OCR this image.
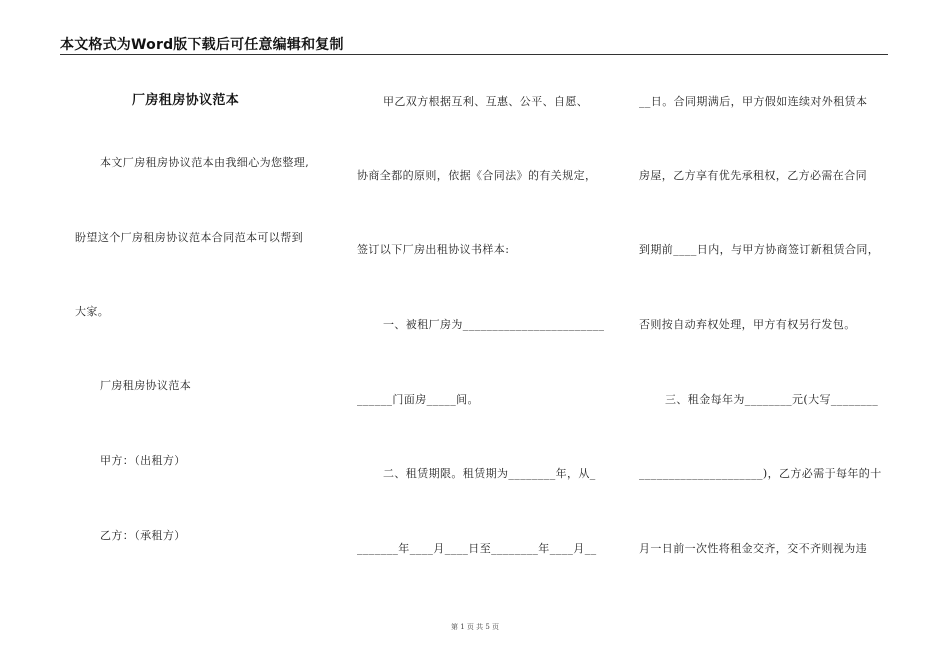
本文格式为Word版下载后可任意编辑和复制
厂房租房协议范本
本文厂房租房协议范本由我细心为您整理,
盼望这个厂房租房协议范本合同范本可以帮到
大家。
厂房租房协议范本
甲方：（出租方）
乙方：（承租方）
甲乙双方根据互利、互惠、公平、自愿、
协商全都的原则，依据《合同法》的有关规定，
签订以下厂房出租协议书样本:
一、被租厂房为________________________
______门面房_____间。
二、租赁期限。租赁期为________年，从_
_______年____月____日至________年____月__
__日。合同期满后，甲方假如连续对外租赁本
房屋，乙方享有优先承租权，乙方必需在合同
到期前____日内，与甲方协商签订新租赁合同，
否则按自动弃权处理，甲方有权另行发包。
三、租金每年为________元(大写________
_____________________)，乙方必需于每年的十
月一日前一次性将租金交齐，交不齐则视为违
第 1 页 共 5 页
